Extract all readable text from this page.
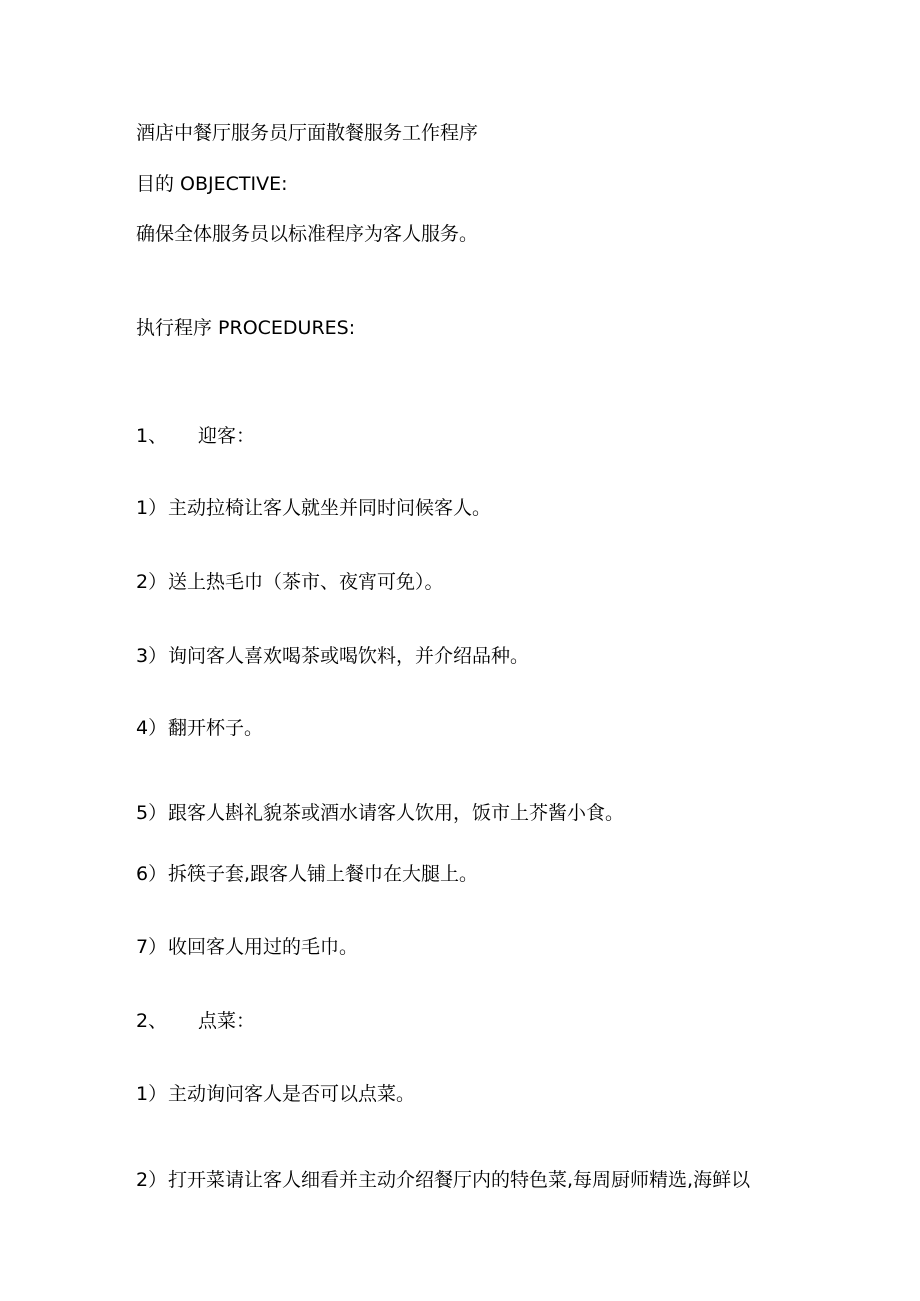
酒店中餐厅服务员厅面散餐服务工作程序
目的 OBJECTIVE:
确保全体服务员以标准程序为客人服务。
执行程序 PROCEDURES:
1、 迎客：
1）主动拉椅让客人就坐并同时问候客人。
2）送上热毛巾（茶市、夜宵可免）。
3）询问客人喜欢喝茶或喝饮料，并介绍品种。
4）翻开杯子。
5）跟客人斟礼貌茶或酒水请客人饮用，饭市上芥酱小食。
6）拆筷子套,跟客人铺上餐巾在大腿上。
7）收回客人用过的毛巾。
2、 点菜：
1）主动询问客人是否可以点菜。
2）打开菜请让客人细看并主动介绍餐厅内的特色菜,每周厨师精选,海鲜以
